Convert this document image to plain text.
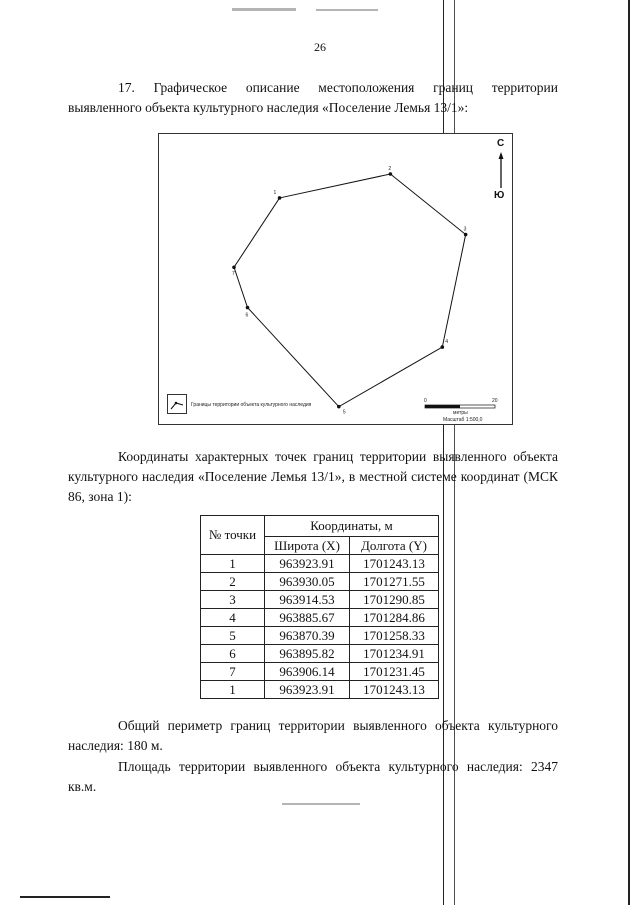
26
17. Графическое описание местоположения границ территории выявленного объекта культурного наследия «Поселение Лемья 13/1»:
1
2
3
4
5
6
7
С
Ю
Границы территории объекта культурного наследия
0	20
метры
Масштаб 1:500,0
Координаты характерных точек границ территории выявленного объекта культурного наследия «Поселение Лемья 13/1», в местной системе координат (МСК 86, зона 1):
№ точки	Координаты, м	
	Широта (X)	Долгота (Y)
1	963923.91	1701243.13
2	963930.05	1701271.55
3	963914.53	1701290.85
4	963885.67	1701284.86
5	963870.39	1701258.33
6	963895.82	1701234.91
7	963906.14	1701231.45
1	963923.91	1701243.13
Общий периметр границ территории выявленного объекта культурного наследия: 180 м.
Площадь территории выявленного объекта культурного наследия: 2347 кв.м.
